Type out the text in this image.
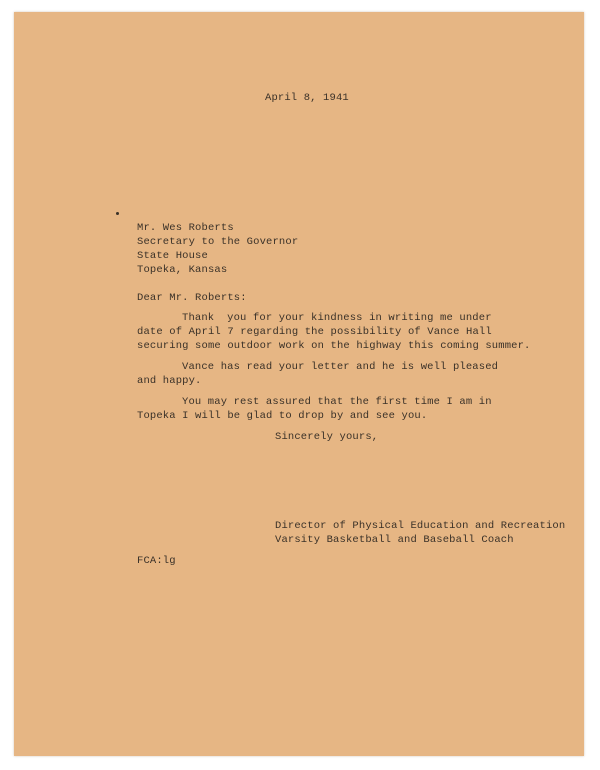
April 8, 1941
Mr. Wes Roberts
Secretary to the Governor
State House
Topeka, Kansas
Dear Mr. Roberts:
Thank  you for your kindness in writing me under
date of April 7 regarding the possibility of Vance Hall
securing some outdoor work on the highway this coming summer.
Vance has read your letter and he is well pleased
and happy.
You may rest assured that the first time I am in
Topeka I will be glad to drop by and see you.
Sincerely yours,
Director of Physical Education and Recreation
Varsity Basketball and Baseball Coach
FCA:lg
